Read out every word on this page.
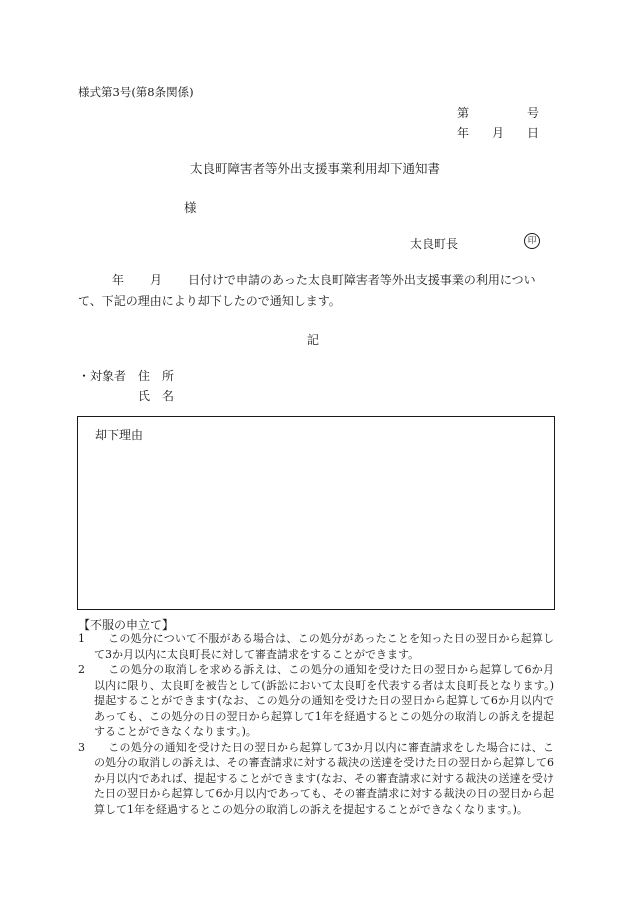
様式第3号(第8条関係)
第	号
年 月 日
太良町障害者等外出支援事業利用却下通知書
様
太良町長	印
年 月 日付けで申請のあった太良町障害者等外出支援事業の利用について、下記の理由により却下したので通知します。
記
・対象者 住　所
氏　名
却下理由
【不服の申立て】
1	この処分について不服がある場合は、この処分があったことを知った日の翌日から起算して3か月以内に太良町長に対して審査請求をすることができます。
2	この処分の取消しを求める訴えは、この処分の通知を受けた日の翌日から起算して6か月以内に限り、太良町を被告として(訴訟において太良町を代表する者は太良町長となります。)提起することができます(なお、この処分の通知を受けた日の翌日から起算して6か月以内であっても、この処分の日の翌日から起算して1年を経過するとこの処分の取消しの訴えを提起することができなくなります。)。
3	この処分の通知を受けた日の翌日から起算して3か月以内に審査請求をした場合には、この処分の取消しの訴えは、その審査請求に対する裁決の送達を受けた日の翌日から起算して6か月以内であれば、提起することができます(なお、その審査請求に対する裁決の送達を受けた日の翌日から起算して6か月以内であっても、その審査請求に対する裁決の日の翌日から起算して1年を経過するとこの処分の取消しの訴えを提起することができなくなります。)。
